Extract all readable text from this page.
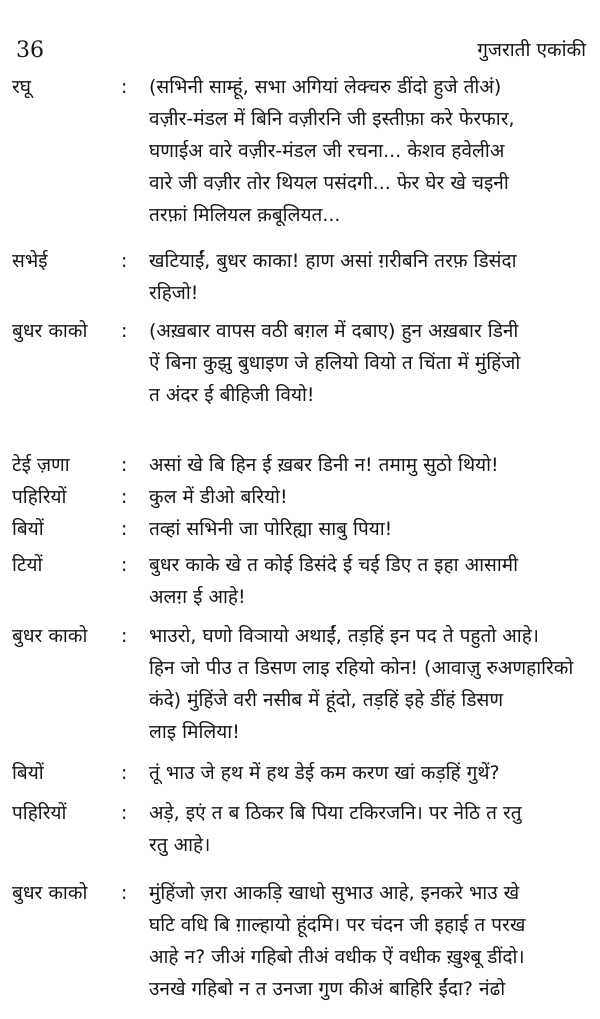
36	गुजराती एकांकी
रघू	: (सभिनी साम्हूं, सभा अगियां लेक्चरु डींदो हुजे तीअं)
वज़ीर-मंडल में बिनि वज़ीरनि जी इस्तीफ़ा करे फेरफार,
घणाईअ वारे वज़ीर-मंडल जी रचना... केशव हवेलीअ
वारे जी वज़ीर तोर थियल पसंदगी... फेर घेर खे चइनी
तरफ़ां मिलियल क़बूलियत...
सभेई	: खटियाईं, बुधर काका! हाण असां ग़रीबनि तरफ़ डिसंदा
रहिजो!
बुधर काको : (अख़बार वापस वठी बग़ल में दबाए) हुन अख़बार डिनी
ऐं बिना कुझु बुधाइण जे हलियो वियो त चिंता में मुंहिंजो
त अंदर ई बीहिजी वियो!
टेई ज़णा	: असां खे बि हिन ई ख़बर डिनी न! तमामु सुठो थियो!
पहिरियों	: कुल में डीओ बरियो!
बियों	: तव्हां सभिनी जा पोरिह्या साबु पिया!
टियों	: बुधर काके खे त कोई डिसंदे ई चई डिए त इहा आसामी
अलग़ ई आहे!
बुधर काको : भाउरो, घणो विञायो अथाईं, तड़हिं इन पद ते पहुतो आहे।
हिन जो पीउ त डिसण लाइ रहियो कोन! (आवाज़ु रुअणहारिको
कंदे) मुंहिंजे वरी नसीब में हूंदो, तड़हिं इहे डींहं डिसण
लाइ मिलिया!
बियों	: तूं भाउ जे हथ में हथ डेई कम करण खां कड़हिं गुथें?
पहिरियों	: अड़े, इएं त ब ठिकर बि पिया टकिरजनि। पर नेठि त रतु
रतु आहे।
बुधर काको : मुंहिंजो ज़रा आकड़ि खाधो सुभाउ आहे, इनकरे भाउ खे
घटि वधि बि ग़ाल्हायो हूंदमि। पर चंदन जी इहाई त परख
आहे न? जीअं गहिबो तीअं वधीक ऐं वधीक ख़ुश्बू डींदो।
उनखे गहिबो न त उनजा गुण कीअं बाहिरि ईंदा? नंढो
